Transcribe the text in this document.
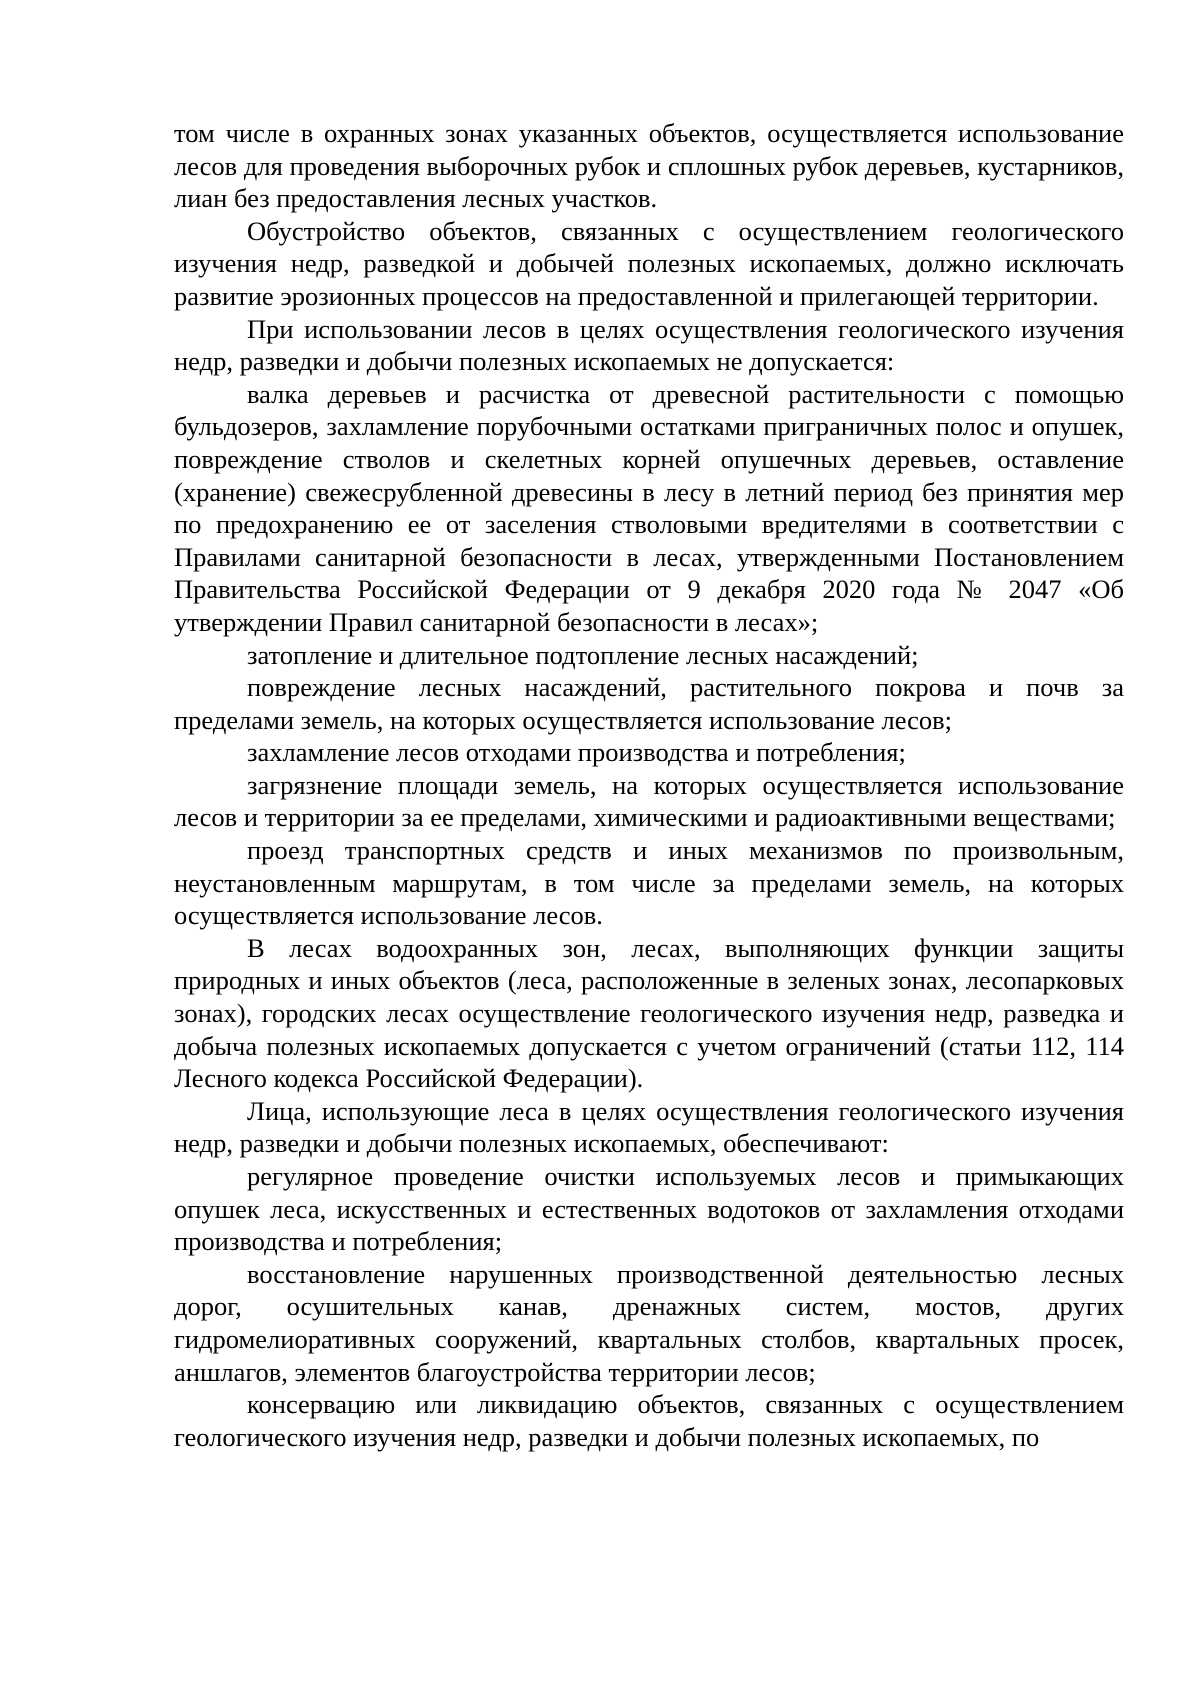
том числе в охранных зонах указанных объектов, осуществляется использование лесов для проведения выборочных рубок и сплошных рубок деревьев, кустарников, лиан без предоставления лесных участков.

Обустройство объектов, связанных с осуществлением геологического изучения недр, разведкой и добычей полезных ископаемых, должно исключать развитие эрозионных процессов на предоставленной и прилегающей территории.

При использовании лесов в целях осуществления геологического изучения недр, разведки и добычи полезных ископаемых не допускается:

валка деревьев и расчистка от древесной растительности с помощью бульдозеров, захламление порубочными остатками приграничных полос и опушек, повреждение стволов и скелетных корней опушечных деревьев, оставление (хранение) свежесрубленной древесины в лесу в летний период без принятия мер по предохранению ее от заселения стволовыми вредителями в соответствии с Правилами санитарной безопасности в лесах, утвержденными Постановлением Правительства Российской Федерации от 9 декабря 2020 года № 2047 «Об утверждении Правил санитарной безопасности в лесах»;

затопление и длительное подтопление лесных насаждений;

повреждение лесных насаждений, растительного покрова и почв за пределами земель, на которых осуществляется использование лесов;

захламление лесов отходами производства и потребления;

загрязнение площади земель, на которых осуществляется использование лесов и территории за ее пределами, химическими и радиоактивными веществами;

проезд транспортных средств и иных механизмов по произвольным, неустановленным маршрутам, в том числе за пределами земель, на которых осуществляется использование лесов.

В лесах водоохранных зон, лесах, выполняющих функции защиты природных и иных объектов (леса, расположенные в зеленых зонах, лесопарковых зонах), городских лесах осуществление геологического изучения недр, разведка и добыча полезных ископаемых допускается с учетом ограничений (статьи 112, 114 Лесного кодекса Российской Федерации).

Лица, использующие леса в целях осуществления геологического изучения недр, разведки и добычи полезных ископаемых, обеспечивают:

регулярное проведение очистки используемых лесов и примыкающих опушек леса, искусственных и естественных водотоков от захламления отходами производства и потребления;

восстановление нарушенных производственной деятельностью лесных дорог, осушительных канав, дренажных систем, мостов, других гидромелиоративных сооружений, квартальных столбов, квартальных просек, аншлагов, элементов благоустройства территории лесов;

консервацию или ликвидацию объектов, связанных с осуществлением геологического изучения недр, разведки и добычи полезных ископаемых, по
